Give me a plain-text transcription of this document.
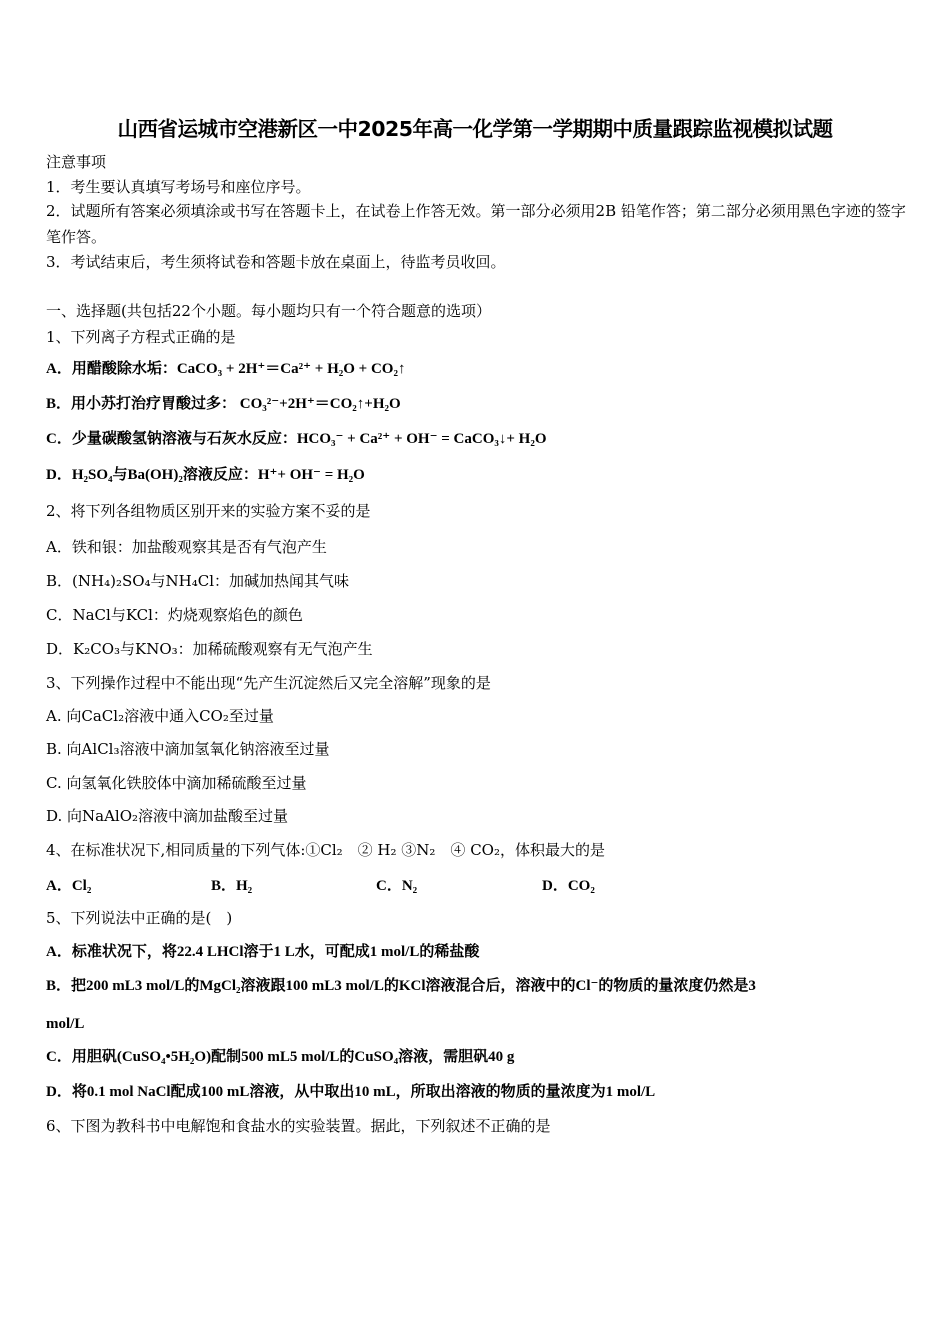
山西省运城市空港新区一中2025年高一化学第一学期期中质量跟踪监视模拟试题
注意事项
1．考生要认真填写考场号和座位序号。
2．试题所有答案必须填涂或书写在答题卡上，在试卷上作答无效。第一部分必须用2B 铅笔作答；第二部分必须用黑色字迹的签字笔作答。
3．考试结束后，考生须将试卷和答题卡放在桌面上，待监考员收回。
一、选择题(共包括22个小题。每小题均只有一个符合题意的选项）
1、下列离子方程式正确的是
A．用醋酸除水垢：CaCO₃ + 2H⁺＝Ca²⁺ + H₂O + CO₂↑
B．用小苏打治疗胃酸过多： CO₃²⁻+2H⁺＝CO₂↑+H₂O
C．少量碳酸氢钠溶液与石灰水反应：HCO₃⁻ + Ca²⁺ + OH⁻ = CaCO₃↓+ H₂O
D．H₂SO₄与Ba(OH)₂溶液反应：H⁺+ OH⁻ = H₂O
2、将下列各组物质区别开来的实验方案不妥的是
A．铁和银：加盐酸观察其是否有气泡产生
B．(NH₄)₂SO₄与NH₄Cl：加碱加热闻其气味
C．NaCl与KCl：灼烧观察焰色的颜色
D．K₂CO₃与KNO₃：加稀硫酸观察有无气泡产生
3、下列操作过程中不能出现“先产生沉淀然后又完全溶解”现象的是
A. 向CaCl₂溶液中通入CO₂至过量
B. 向AlCl₃溶液中滴加氢氧化钠溶液至过量
C. 向氢氧化铁胶体中滴加稀硫酸至过量
D. 向NaAlO₂溶液中滴加盐酸至过量
4、在标准状况下,相同质量的下列气体:①Cl₂　② H₂ ③N₂　④ CO₂，体积最大的是
A．Cl₂	B．H₂	C．N₂	D．CO₂
5、下列说法中正确的是(　)
A．标准状况下，将22.4 LHCl溶于1 L水，可配成1 mol/L的稀盐酸
B．把200 mL3 mol/L的MgCl₂溶液跟100 mL3 mol/L的KCl溶液混合后，溶液中的Cl⁻的物质的量浓度仍然是3
mol/L
C．用胆矾(CuSO₄•5H₂O)配制500 mL5 mol/L的CuSO₄溶液，需胆矾40 g
D．将0.1 mol NaCl配成100 mL溶液，从中取出10 mL，所取出溶液的物质的量浓度为1 mol/L
6、下图为教科书中电解饱和食盐水的实验装置。据此，下列叙述不正确的是
